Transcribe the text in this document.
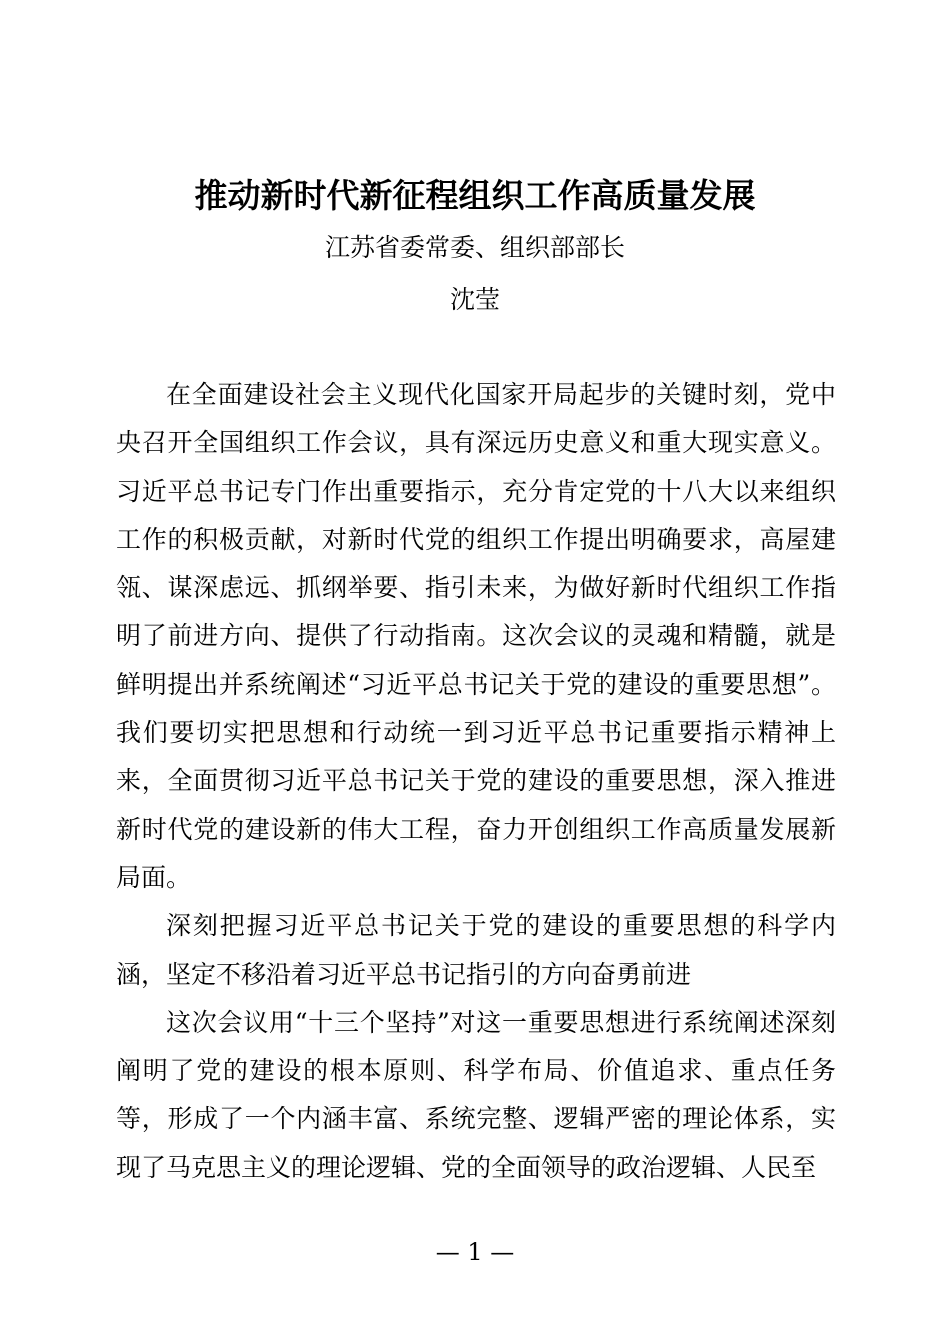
推动新时代新征程组织工作高质量发展
江苏省委常委、组织部部长
沈莹

在全面建设社会主义现代化国家开局起步的关键时刻，党中央召开全国组织工作会议，具有深远历史意义和重大现实意义。习近平总书记专门作出重要指示，充分肯定党的十八大以来组织工作的积极贡献，对新时代党的组织工作提出明确要求，高屋建瓴、谋深虑远、抓纲举要、指引未来，为做好新时代组织工作指明了前进方向、提供了行动指南。这次会议的灵魂和精髓，就是鲜明提出并系统阐述“习近平总书记关于党的建设的重要思想”。我们要切实把思想和行动统一到习近平总书记重要指示精神上来，全面贯彻习近平总书记关于党的建设的重要思想，深入推进新时代党的建设新的伟大工程，奋力开创组织工作高质量发展新局面。

深刻把握习近平总书记关于党的建设的重要思想的科学内涵，坚定不移沿着习近平总书记指引的方向奋勇前进

这次会议用“十三个坚持”对这一重要思想进行系统阐述深刻阐明了党的建设的根本原则、科学布局、价值追求、重点任务等，形成了一个内涵丰富、系统完整、逻辑严密的理论体系，实现了马克思主义的理论逻辑、党的全面领导的政治逻辑、人民至

— 1 —
